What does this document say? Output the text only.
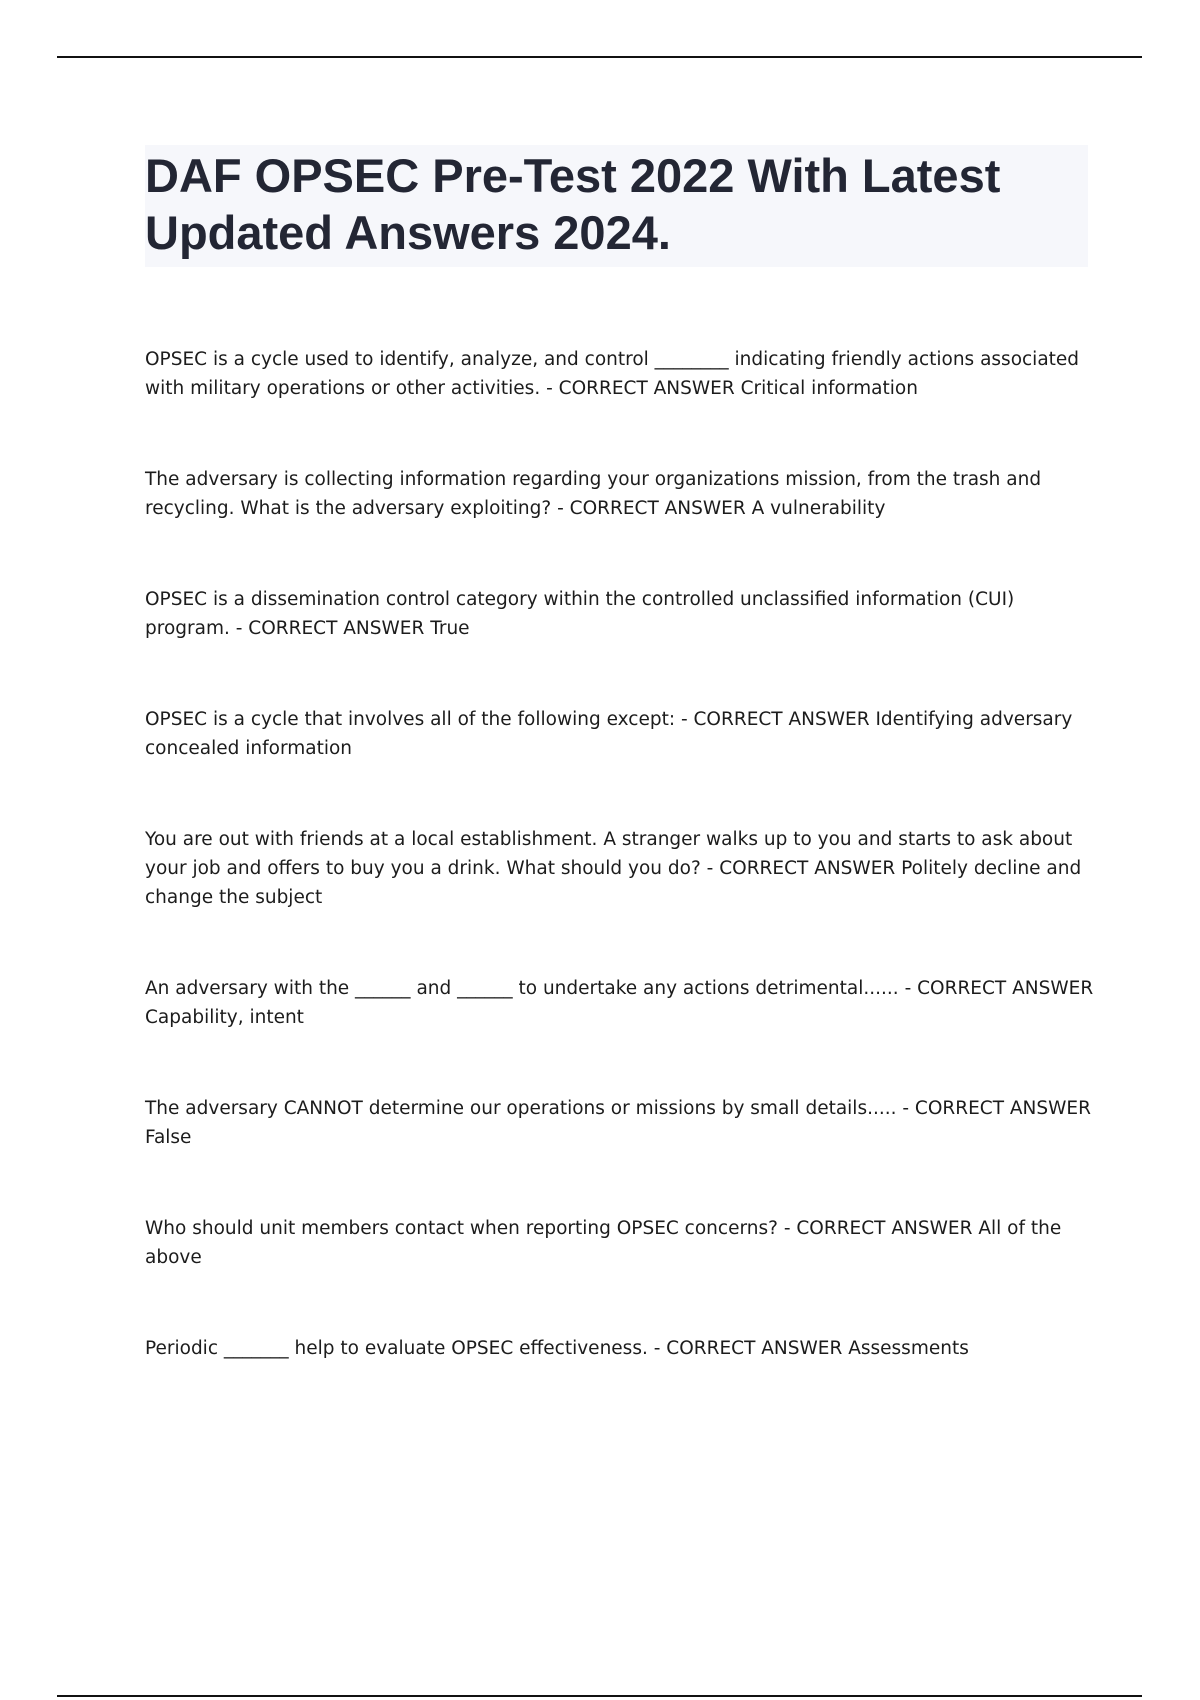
DAF OPSEC Pre-Test 2022 With Latest Updated Answers 2024.

OPSEC is a cycle used to identify, analyze, and control ________ indicating friendly actions associated with military operations or other activities. - CORRECT ANSWER Critical information

The adversary is collecting information regarding your organizations mission, from the trash and recycling. What is the adversary exploiting? - CORRECT ANSWER A vulnerability

OPSEC is a dissemination control category within the controlled unclassified information (CUI) program. - CORRECT ANSWER True

OPSEC is a cycle that involves all of the following except: - CORRECT ANSWER Identifying adversary concealed information

You are out with friends at a local establishment. A stranger walks up to you and starts to ask about your job and offers to buy you a drink. What should you do? - CORRECT ANSWER Politely decline and change the subject

An adversary with the ______ and ______ to undertake any actions detrimental...... - CORRECT ANSWER Capability, intent

The adversary CANNOT determine our operations or missions by small details..... - CORRECT ANSWER False

Who should unit members contact when reporting OPSEC concerns? - CORRECT ANSWER All of the above

Periodic _______ help to evaluate OPSEC effectiveness. - CORRECT ANSWER Assessments
